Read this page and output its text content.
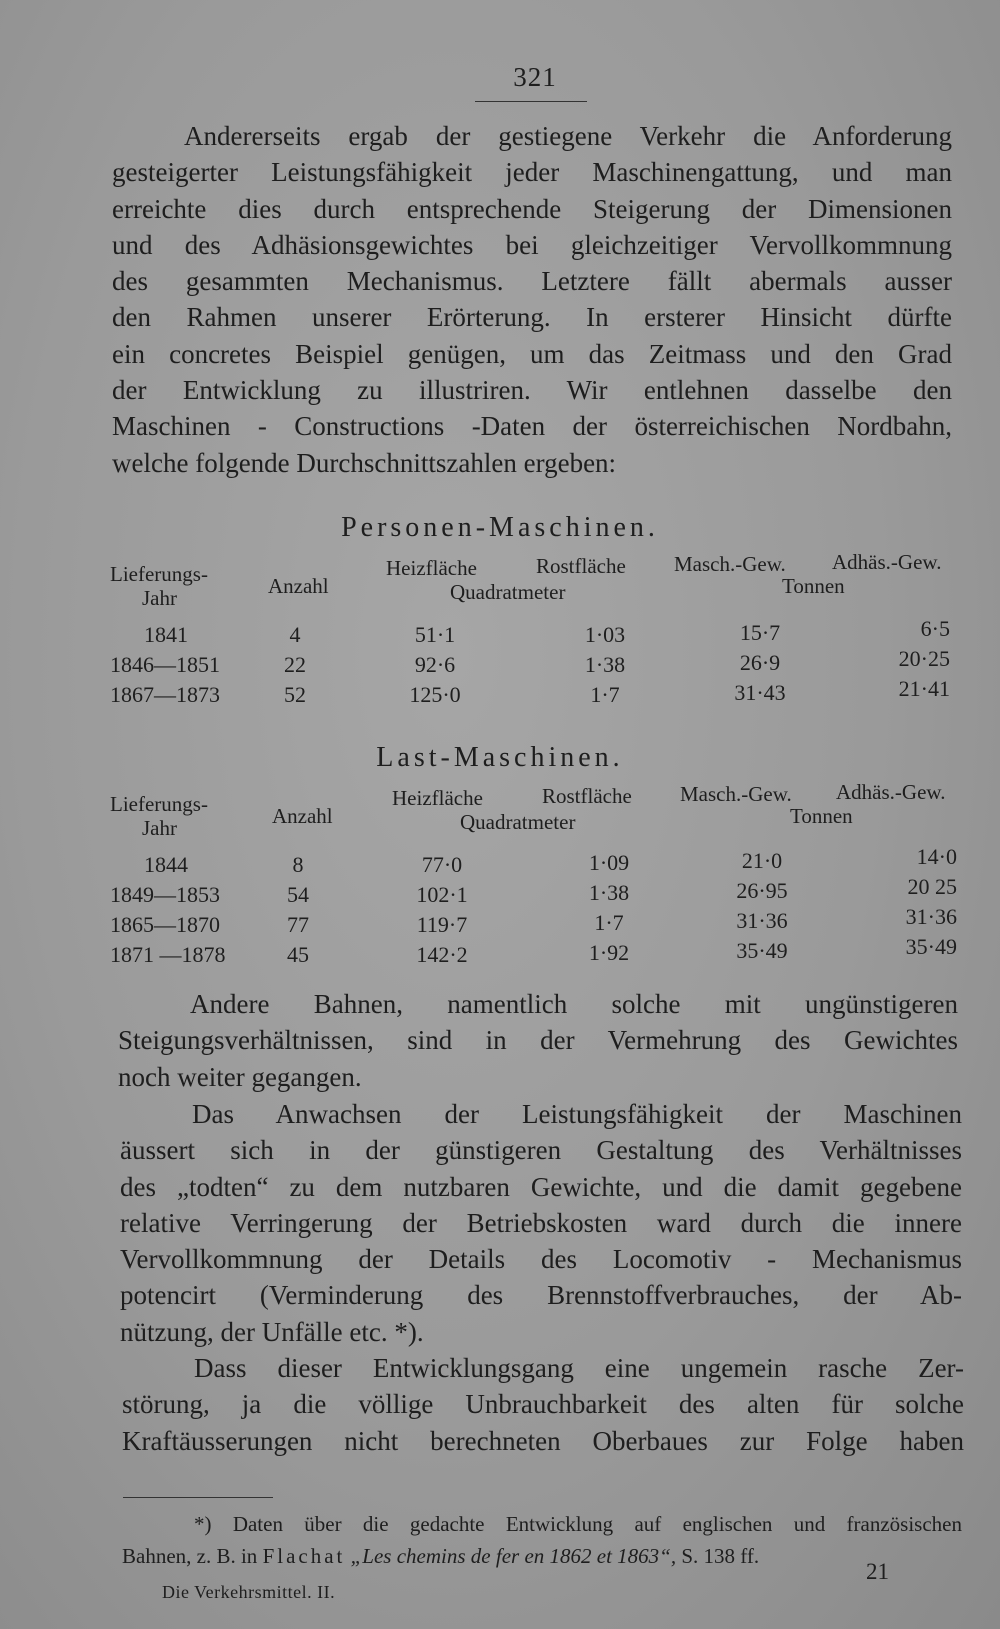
321
Andererseits ergab der gestiegene Verkehr die Anforderung
gesteigerter Leistungsfähigkeit jeder Maschinengattung, und man
erreichte dies durch entsprechende Steigerung der Dimensionen
und des Adhäsionsgewichtes bei gleichzeitiger Vervollkommnung
des gesammten Mechanismus. Letztere fällt abermals ausser
den Rahmen unserer Erörterung. In ersterer Hinsicht dürfte
ein concretes Beispiel genügen, um das Zeitmass und den Grad
der Entwicklung zu illustriren. Wir entlehnen dasselbe den
Maschinen - Constructions -Daten der österreichischen Nordbahn,
welche folgende Durchschnittszahlen ergeben:
Personen-Maschinen.
Lieferungs-
Jahr	Anzahl
Heizfläche	Rostfläche
Quadratmeter
Masch.-Gew. Adhäs.-Gew.
Tonnen
1841	4	51·1	1·03	15·7	6·5
1846—1851	22	92·6	1·38	26·9	20·25
1867—1873	52	125·0	1·7	31·43	21·41
Last-Maschinen.
Lieferungs-
Jahr	Anzahl
Heizfläche	Rostfläche
Quadratmeter
Masch.-Gew. Adhäs.-Gew.
Tonnen
1844	8	77·0	1·09	21·0	14·0
1849—1853	54	102·1	1·38	26·95	20 25
1865—1870	77	119·7	1·7	31·36	31·36
1871 —1878	45	142·2	1·92	35·49	35·49
Andere Bahnen, namentlich solche mit ungünstigeren
Steigungsverhältnissen, sind in der Vermehrung des Gewichtes
noch weiter gegangen.
Das Anwachsen der Leistungsfähigkeit der Maschinen
äussert sich in der günstigeren Gestaltung des Verhältnisses
des „todten“ zu dem nutzbaren Gewichte, und die damit gegebene
relative Verringerung der Betriebskosten ward durch die innere
Vervollkommnung der Details des Locomotiv - Mechanismus
potencirt (Verminderung des Brennstoffverbrauches, der Ab-
nützung, der Unfälle etc. *).
Dass dieser Entwicklungsgang eine ungemein rasche Zer-
störung, ja die völlige Unbrauchbarkeit des alten für solche
Kraftäusserungen nicht berechneten Oberbaues zur Folge haben
*) Daten über die gedachte Entwicklung auf englischen und französischen
Bahnen, z. B. in Flachat „Les chemins de fer en 1862 et 1863“, S. 138 ff.
Die Verkehrsmittel. II.
21
